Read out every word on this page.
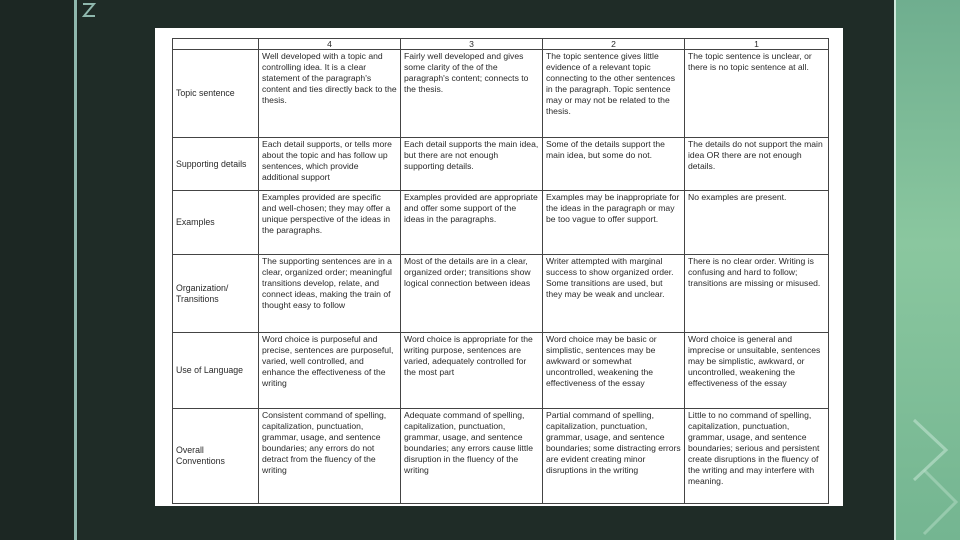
	4	3	2	1
Topic sentence	Well developed with a topic and controlling idea. It is a clear statement of the paragraph's content and ties directly back to the thesis.	Fairly well developed and gives some clarity of the of the paragraph's content; connects to the thesis.	The topic sentence gives little evidence of a relevant topic connecting to the other sentences in the paragraph. Topic sentence may or may not be related to the thesis.	The topic sentence is unclear, or there is no topic sentence at all.
Supporting details	Each detail supports, or tells more about the topic and has follow up sentences, which provide additional support	Each detail supports the main idea, but there are not enough supporting details.	Some of the details support the main idea, but some do not.	The details do not support the main idea OR there are not enough details.
Examples	Examples provided are specific and well-chosen; they may offer a unique perspective of the ideas in the paragraphs.	Examples provided are appropriate and offer some support of the ideas in the paragraphs.	Examples may be inappropriate for the ideas in the paragraph or may be too vague to offer support.	No examples are present.
Organization/ Transitions	The supporting sentences are in a clear, organized order; meaningful transitions develop, relate, and connect ideas, making the train of thought easy to follow	Most of the details are in a clear, organized order; transitions show logical connection between ideas	Writer attempted with marginal success to show organized order. Some transitions are used, but they may be weak and unclear.	There is no clear order. Writing is confusing and hard to follow; transitions are missing or misused.
Use of Language	Word choice is purposeful and precise, sentences are purposeful, varied, well controlled, and enhance the effectiveness of the writing	Word choice is appropriate for the writing purpose, sentences are varied, adequately controlled for the most part	Word choice may be basic or simplistic, sentences may be awkward or somewhat uncontrolled, weakening the effectiveness of the essay	Word choice is general and imprecise or unsuitable, sentences may be simplistic, awkward, or uncontrolled, weakening the effectiveness of the essay
Overall Conventions	Consistent command of spelling, capitalization, punctuation, grammar, usage, and sentence boundaries; any errors do not detract from the fluency of the writing	Adequate command of spelling, capitalization, punctuation, grammar, usage, and sentence boundaries; any errors cause little disruption in the fluency of the writing	Partial command of spelling, capitalization, punctuation, grammar, usage, and sentence boundaries; some distracting errors are evident creating minor disruptions in the writing	Little to no command of spelling, capitalization, punctuation, grammar, usage, and sentence boundaries; serious and persistent create disruptions in the fluency of the writing and may interfere with meaning.
